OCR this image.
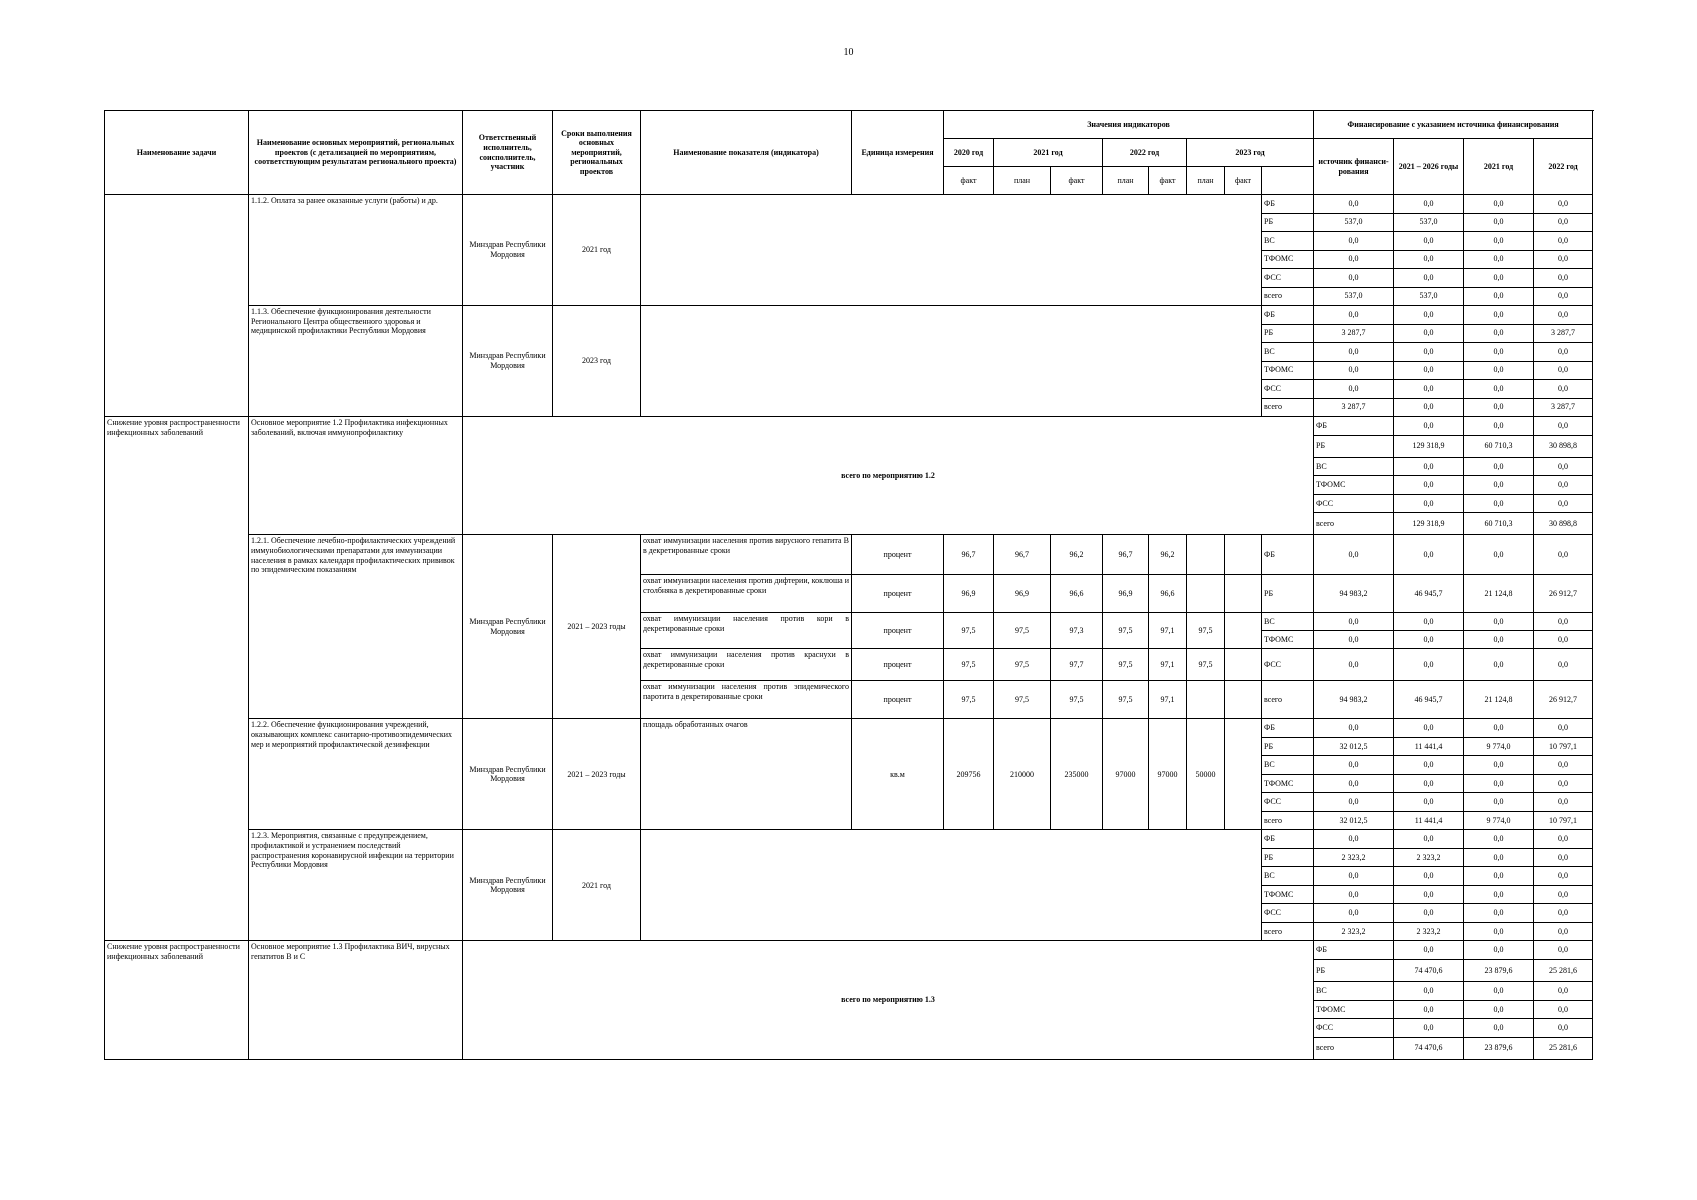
10
Наименование задачи	Наименование основных мероприятий, региональных проектов (с детализацией по мероприятиям, соответствующим результатам регионального проекта)	Ответственный исполнитель, соисполнитель, участник	Сроки выполнения основных мероприятий, региональных проектов	Наименование показателя (индикатора)	Единица измерения	Значения индикаторов								Финансирование с указанием источника финансирования				
						2020 год	2021 год		2022 год		2023 год			источник финанси-рования	2021 – 2026 годы	2021 год	2022 год	
						факт	план	факт	план	факт	план	факт						
	1.1.2. Оплата за ранее оказанные услуги (работы) и др.	Минздрав Республики Мордовия	2021 год										ФБ	0,0	0,0	0,0	0,0	
													РБ	537,0	537,0	0,0	0,0	
													ВС	0,0	0,0	0,0	0,0	
													ТФОМС	0,0	0,0	0,0	0,0	
													ФСС	0,0	0,0	0,0	0,0	
													всего	537,0	537,0	0,0	0,0	
	1.1.3. Обеспечение функционирования деятельности Регионального Центра общественного здоровья и медицинской профилактики Республики Мордовия	Минздрав Республики Мордовия	2023 год										ФБ	0,0	0,0	0,0	0,0	
													РБ	3 287,7	0,0	0,0	3 287,7	
													ВС	0,0	0,0	0,0	0,0	
													ТФОМС	0,0	0,0	0,0	0,0	
													ФСС	0,0	0,0	0,0	0,0	
													всего	3 287,7	0,0	0,0	3 287,7	
Снижение уровня распространенности инфекционных заболеваний	Основное мероприятие 1.2 Профилактика инфекционных заболеваний, включая иммунопрофилактику	всего по мероприятию 1.2												ФБ	0,0	0,0	0,0	
														РБ	129 318,9	60 710,3	30 898,8	
														ВС	0,0	0,0	0,0	
														ТФОМС	0,0	0,0	0,0	
														ФСС	0,0	0,0	0,0	
														всего	129 318,9	60 710,3	30 898,8	
	1.2.1. Обеспечение лечебно-профилактических учреждений иммунобиологическими препаратами для иммунизации населения в рамках календаря профилактических прививок по эпидемическим показаниям	Минздрав Республики Мордовия	2021 – 2023 годы	охват иммунизации населения против вирусного гепатита В в декретированные сроки	процент	96,7	96,7	96,2	96,7	96,2			ФБ	0,0	0,0	0,0	0,0	
				охват иммунизации населения против дифтерии, коклюша и столбняка в декретированные сроки	процент	96,9	96,9	96,6	96,9	96,6			РБ	94 983,2	46 945,7	21 124,8	26 912,7	
				охват иммунизации населения против кори в декретированные сроки	процент	97,5	97,5	97,3	97,5	97,1	97,5		ВС	0,0	0,0	0,0	0,0	
													ТФОМС	0,0	0,0	0,0	0,0	
				охват иммунизации населения против краснухи в декретированные сроки	процент	97,5	97,5	97,7	97,5	97,1	97,5		ФСС	0,0	0,0	0,0	0,0	
				охват иммунизации населения против эпидемического паротита в декретированные сроки	процент	97,5	97,5	97,5	97,5	97,1			всего	94 983,2	46 945,7	21 124,8	26 912,7	
	1.2.2. Обеспечение функционирования учреждений, оказывающих комплекс санитарно-противоэпидемических мер и мероприятий профилактической дезинфекции	Минздрав Республики Мордовия	2021 – 2023 годы	площадь обработанных очагов	кв.м	209756	210000	235000	97000	97000	50000		ФБ	0,0	0,0	0,0	0,0	
													РБ	32 012,5	11 441,4	9 774,0	10 797,1	
													ВС	0,0	0,0	0,0	0,0	
													ТФОМС	0,0	0,0	0,0	0,0	
													ФСС	0,0	0,0	0,0	0,0	
													всего	32 012,5	11 441,4	9 774,0	10 797,1	
	1.2.3. Мероприятия, связанные с предупреждением, профилактикой и устранением последствий распространения коронавирусной инфекции на территории Республики Мордовия	Минздрав Республики Мордовия	2021 год										ФБ	0,0	0,0	0,0	0,0	
													РБ	2 323,2	2 323,2	0,0	0,0	
													ВС	0,0	0,0	0,0	0,0	
													ТФОМС	0,0	0,0	0,0	0,0	
													ФСС	0,0	0,0	0,0	0,0	
													всего	2 323,2	2 323,2	0,0	0,0	
Снижение уровня распространенности инфекционных заболеваний	Основное мероприятие 1.3 Профилактика ВИЧ, вирусных гепатитов В и С	всего по мероприятию 1.3												ФБ	0,0	0,0	0,0	
														РБ	74 470,6	23 879,6	25 281,6	
														ВС	0,0	0,0	0,0	
														ТФОМС	0,0	0,0	0,0	
														ФСС	0,0	0,0	0,0	
														всего	74 470,6	23 879,6	25 281,6	
